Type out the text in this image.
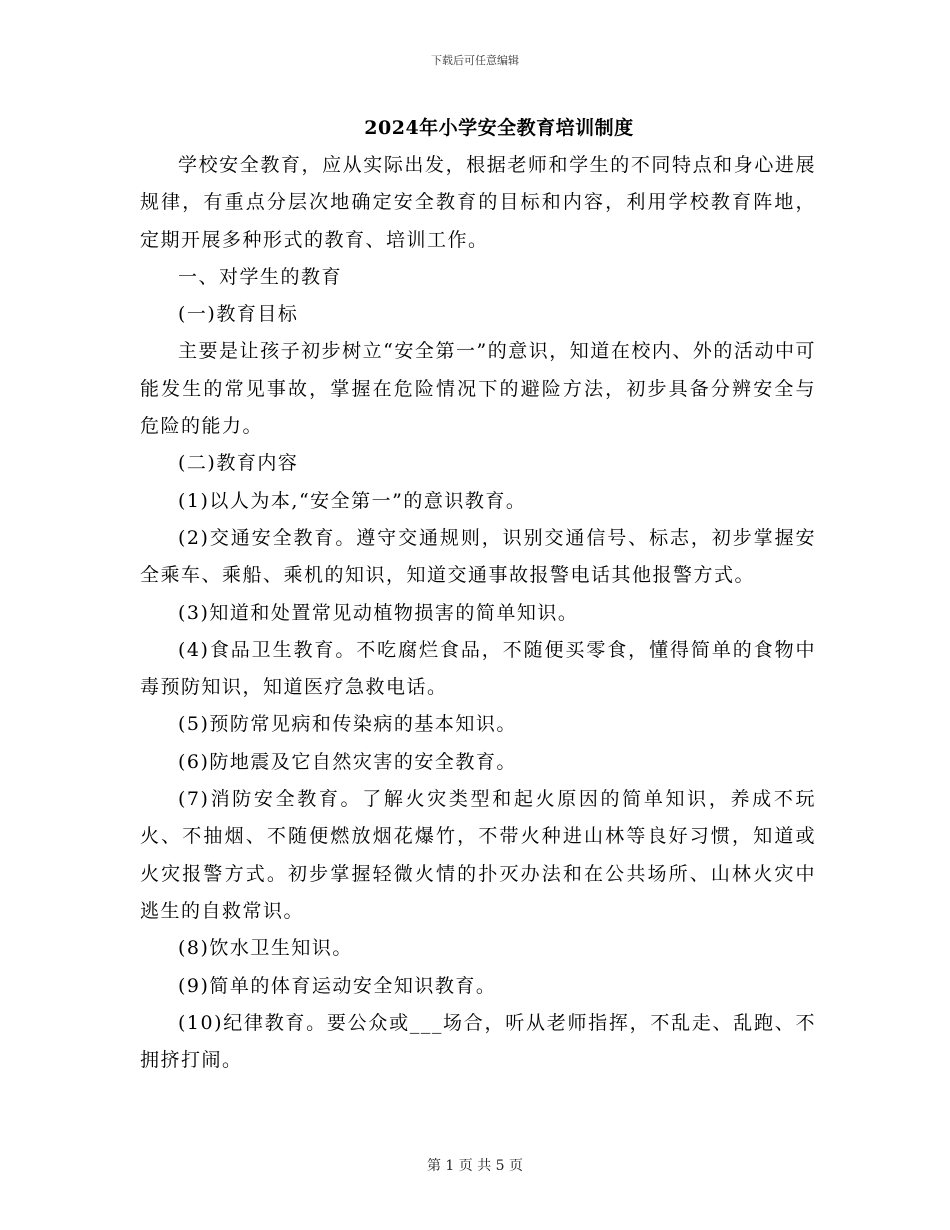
下载后可任意编辑
2024年小学安全教育培训制度

学校安全教育，应从实际出发，根据老师和学生的不同特点和身心进展规律，有重点分层次地确定安全教育的目标和内容，利用学校教育阵地，定期开展多种形式的教育、培训工作。

一、对学生的教育

(一)教育目标

主要是让孩子初步树立“安全第一”的意识，知道在校内、外的活动中可能发生的常见事故，掌握在危险情况下的避险方法，初步具备分辨安全与危险的能力。

(二)教育内容

(1)以人为本,“安全第一”的意识教育。

(2)交通安全教育。遵守交通规则，识别交通信号、标志，初步掌握安全乘车、乘船、乘机的知识，知道交通事故报警电话其他报警方式。

(3)知道和处置常见动植物损害的简单知识。

(4)食品卫生教育。不吃腐烂食品，不随便买零食，懂得简单的食物中毒预防知识，知道医疗急救电话。

(5)预防常见病和传染病的基本知识。

(6)防地震及它自然灾害的安全教育。

(7)消防安全教育。了解火灾类型和起火原因的简单知识，养成不玩火、不抽烟、不随便燃放烟花爆竹，不带火种进山林等良好习惯，知道或火灾报警方式。初步掌握轻微火情的扑灭办法和在公共场所、山林火灾中逃生的自救常识。

(8)饮水卫生知识。

(9)简单的体育运动安全知识教育。

(10)纪律教育。要公众或___场合，听从老师指挥，不乱走、乱跑、不拥挤打闹。

第 1 页 共 5 页
